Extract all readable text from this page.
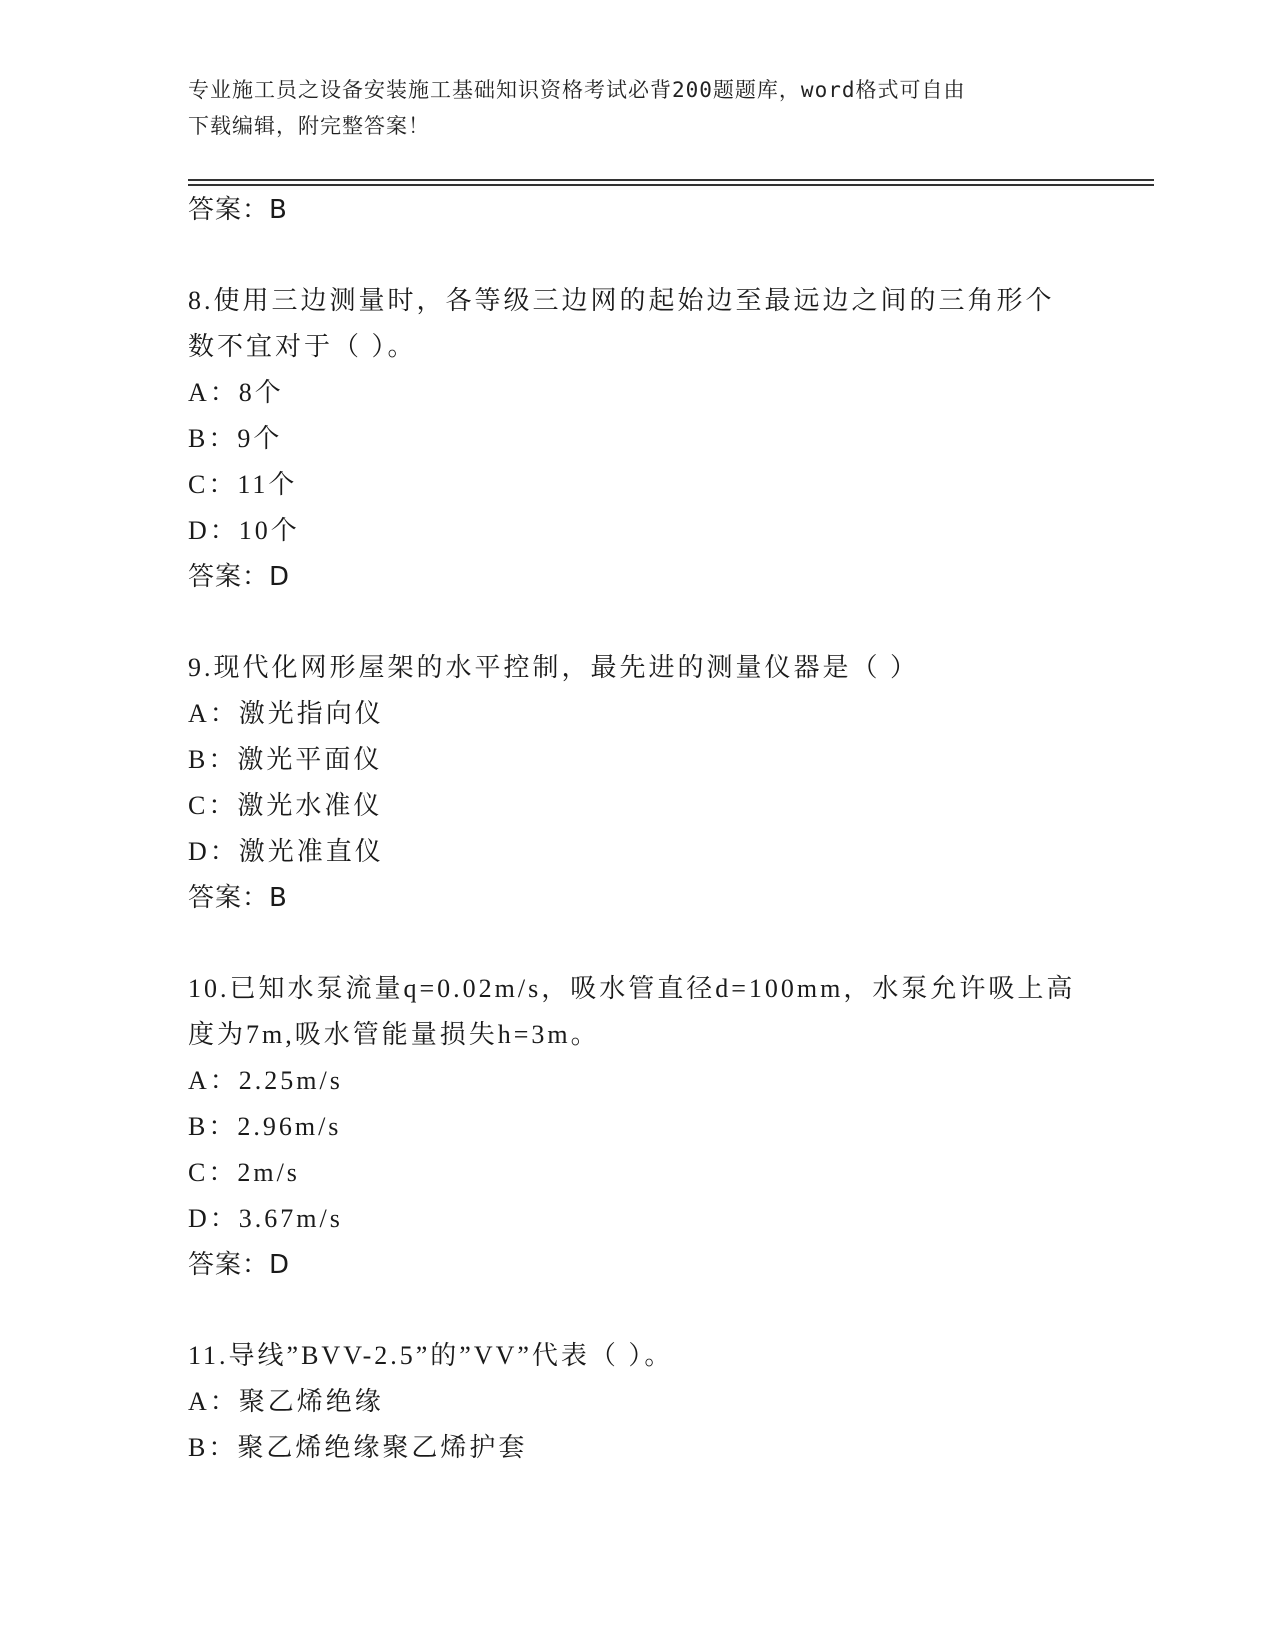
专业施工员之设备安装施工基础知识资格考试必背200题题库，word格式可自由
下载编辑，附完整答案！
答案：B
8.使用三边测量时，各等级三边网的起始边至最远边之间的三角形个
数不宜对于（ ）。
A：8个
B：9个
C：11个
D：10个
答案：D
9.现代化网形屋架的水平控制，最先进的测量仪器是（ ）
A：激光指向仪
B：激光平面仪
C：激光水准仪
D：激光准直仪
答案：B
10.已知水泵流量q=0.02m/s，吸水管直径d=100mm，水泵允许吸上高
度为7m,吸水管能量损失h=3m。
A：2.25m/s
B：2.96m/s
C：2m/s
D：3.67m/s
答案：D
11.导线”BVV-2.5”的”VV”代表（ ）。
A：聚乙烯绝缘
B：聚乙烯绝缘聚乙烯护套
